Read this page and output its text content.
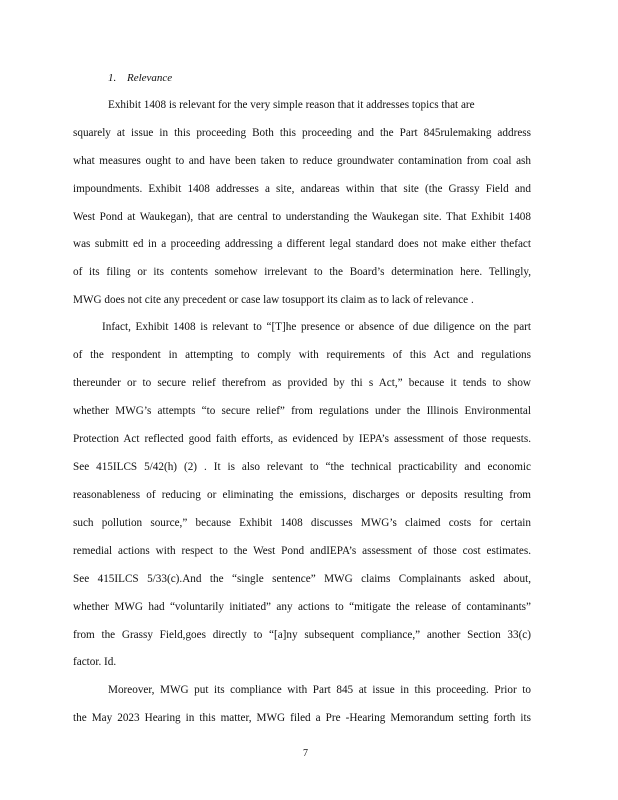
1. Relevance
Exhibit 1408 is relevant for the very simple reason that it addresses topics that are
squarely at issue in this proceeding Both this proceeding and the Part 845rulemaking address
what measures ought to and have been taken to reduce groundwater contamination from coal ash
impoundments. Exhibit 1408 addresses a site, andareas within that site (the Grassy Field and
West Pond at Waukegan), that are central to understanding the Waukegan site. That Exhibit 1408
was submitt ed in a proceeding addressing a different legal standard does not make either thefact
of its filing or its contents somehow irrelevant to the Board’s determination here. Tellingly,
MWG does not cite any precedent or case law tosupport its claim as to lack of relevance .
Infact, Exhibit 1408 is relevant to “[T]he presence or absence of due diligence on the part
of the respondent in attempting to comply with requirements of this Act and regulations
thereunder or to secure relief therefrom as provided by thi s Act,” because it tends to show
whether MWG’s attempts “to secure relief” from regulations under the Illinois Environmental
Protection Act reflected good faith efforts, as evidenced by IEPA’s assessment of those requests.
See 415ILCS 5/42(h) (2) . It is also relevant to “the technical practicability and economic
reasonableness of reducing or eliminating the emissions, discharges or deposits resulting from
such pollution source,” because Exhibit 1408 discusses MWG’s claimed costs for certain
remedial actions with respect to the West Pond andIEPA’s assessment of those cost estimates.
See 415ILCS 5/33(c).And the “single sentence” MWG claims Complainants asked about,
whether MWG had “voluntarily initiated” any actions to “mitigate the release of contaminants”
from the Grassy Field,goes directly to “[a]ny subsequent compliance,” another Section 33(c)
factor. Id.
Moreover, MWG put its compliance with Part 845 at issue in this proceeding. Prior to
the May 2023 Hearing in this matter, MWG filed a Pre -Hearing Memorandum setting forth its
7
